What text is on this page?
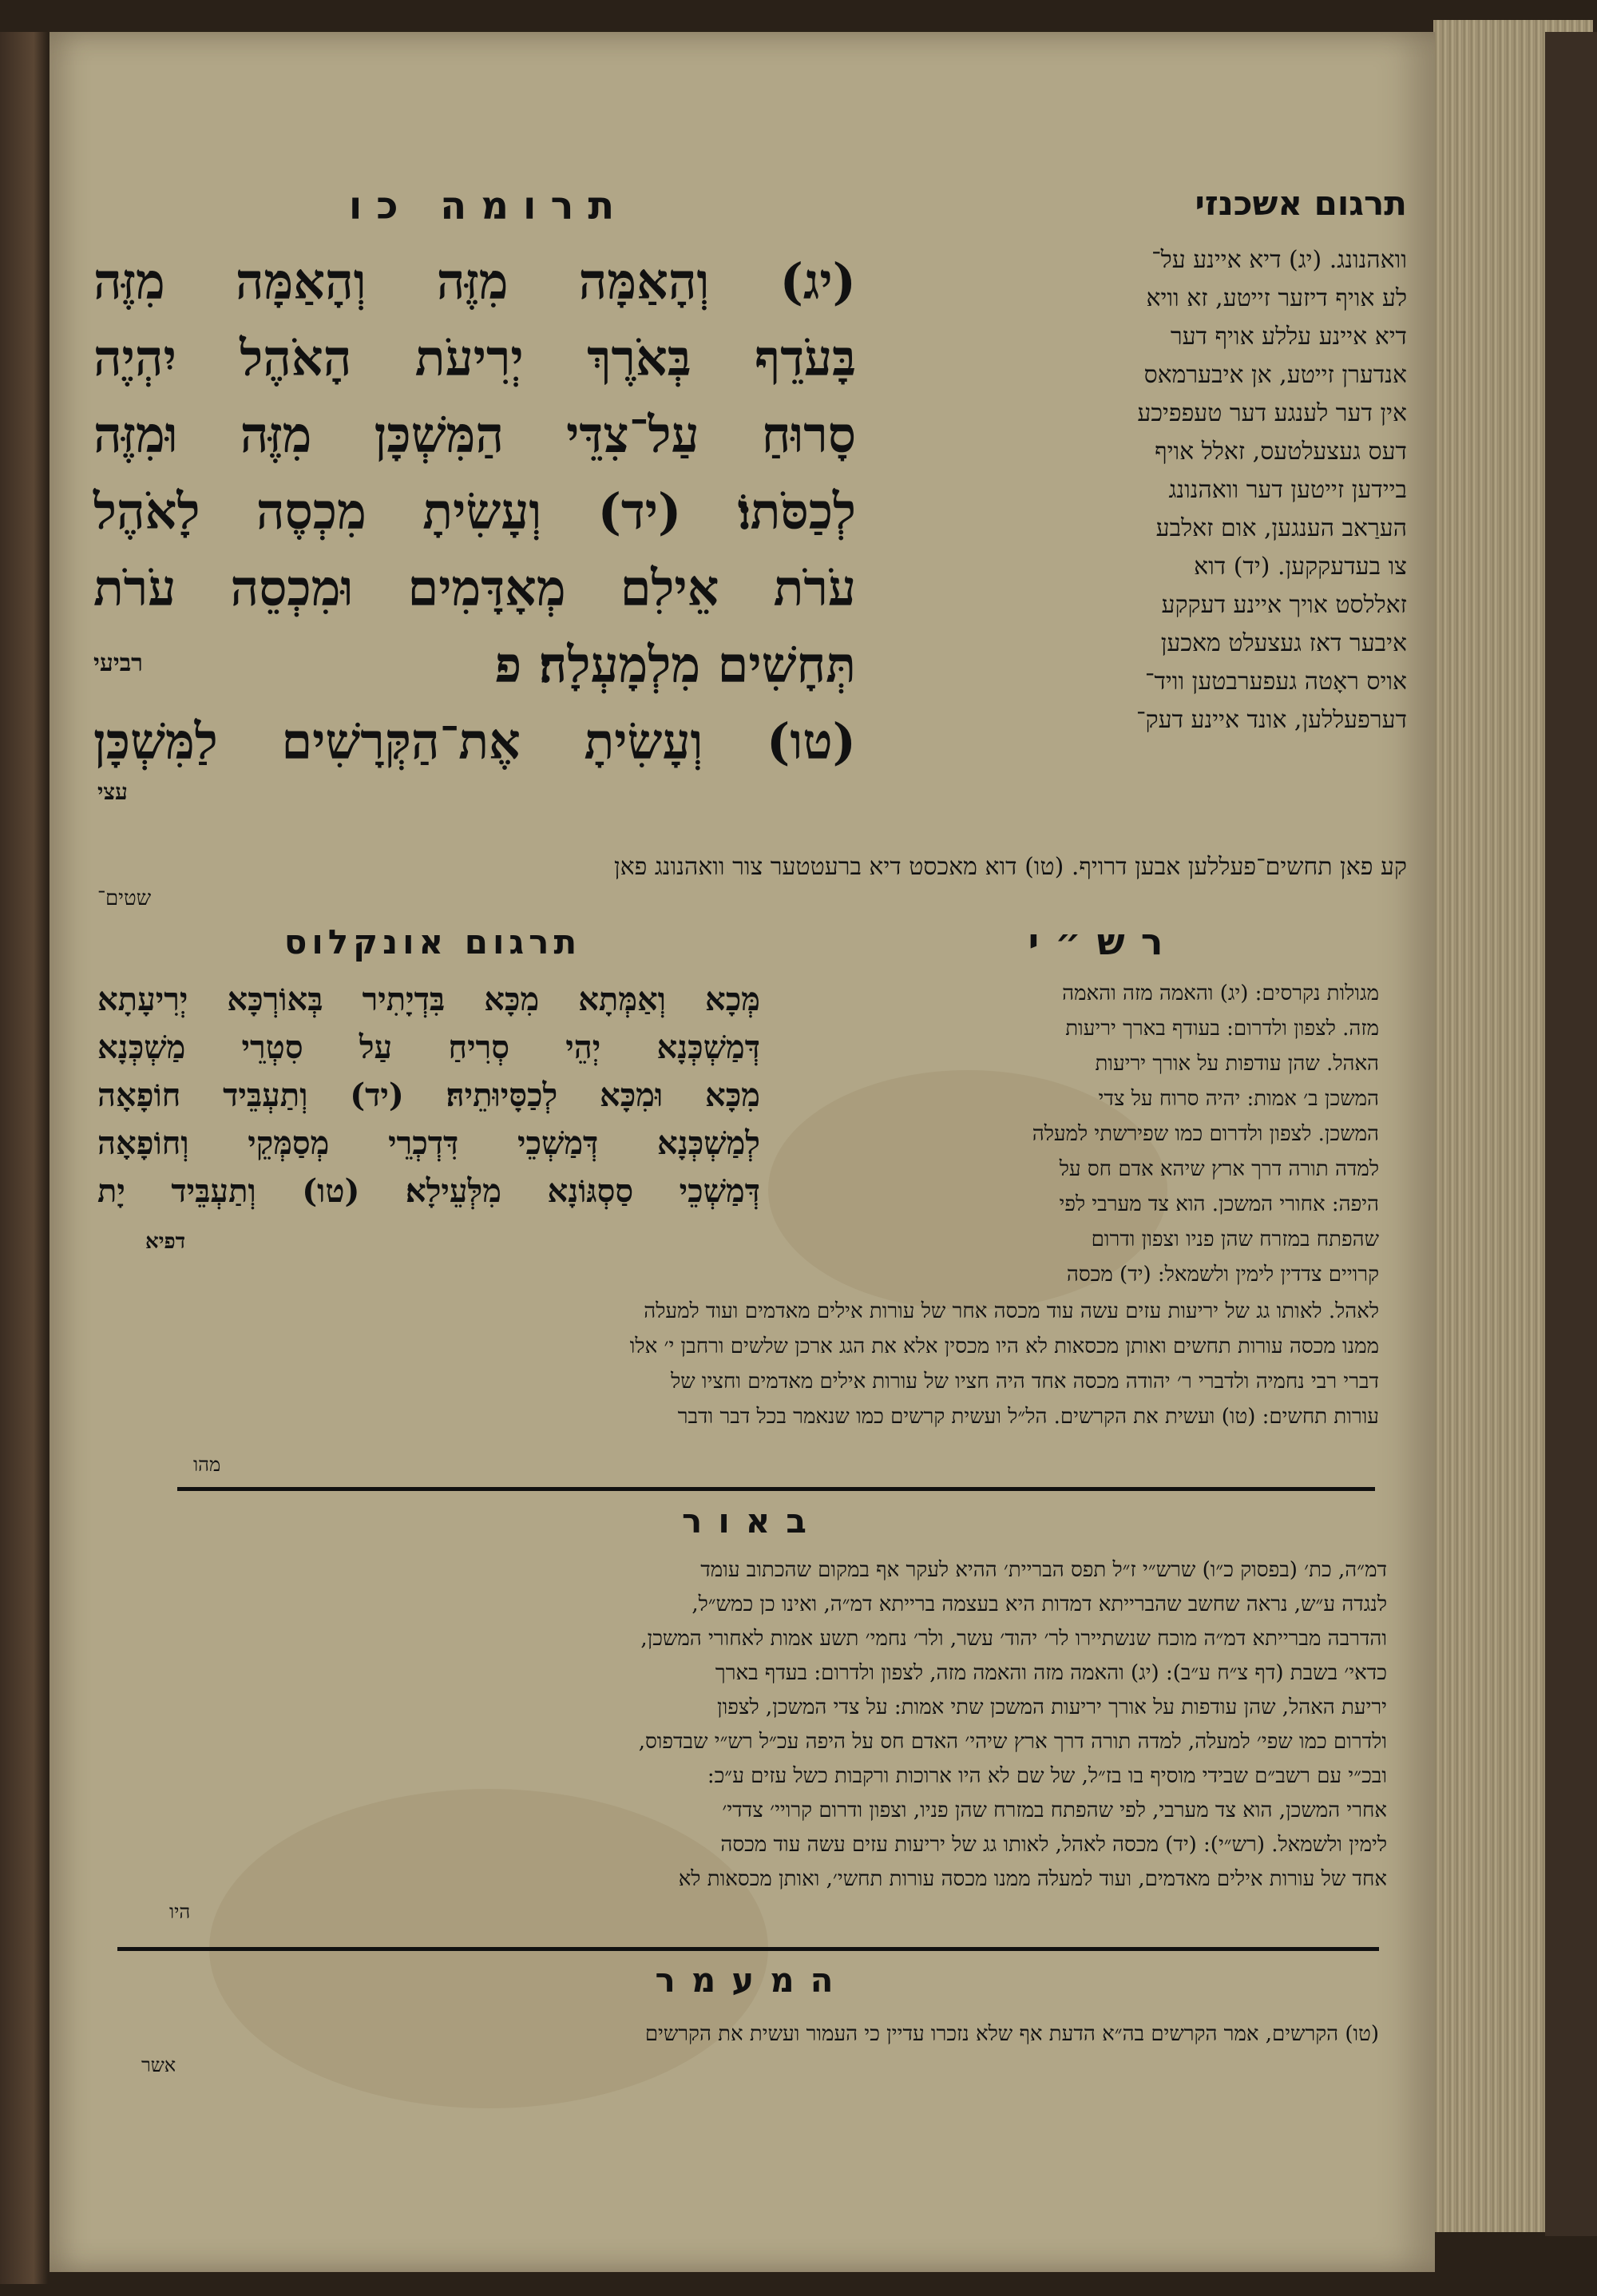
תרומה כו	תרגום אשכנזי
(יג) וְהָאַמָּה מִזֶּה וְהָאַמָּה מִזֶּה
בָּעֹדֵף בְּאֹרֶךְ יְרִיעֹת הָאֹהֶל יִהְיֶה
סָרוּחַ עַל־צִדֵּי הַמִּשְׁכָּן מִזֶּה וּמִזֶּה
לְכַסֹּתוֹ׃ (יד) וְעָשִׂיתָ מִכְסֶה לָאֹהֶל
עֹרֹת אֵילִם מְאָדָּמִים וּמִכְסֵה עֹרֹת
תְּחָשִׁים מִלְמָעְלָה׃ פ
רביעי
(טו) וְעָשִׂיתָ אֶת־הַקְּרָשִׁים לַמִּשְׁכָּן
עצי
וואהנונג. (יג) דיא איינע על־
לע אויף דיזער זייטע, זא וויא
דיא איינע עללע אויף דער
אנדערן זייטע, אן איבערמאס
אין דער לענגע דער טעפפיכע
דעס געצעלטעס, זאלל אויף
ביידען זייטען דער וואהנונג
הערַאב הענגען, אום זאלבע
צו בעדעקקען. (יד) דוא
זאללסט אויך איינע דעקקע
איבער דאז געצעלט מאכען
אויס ראָטה געפערבטען וויד־
דערפעללען, אונד איינע דעק־
קע פאן תחשים־פעללען אבען דרויף. (טו) דוא מאכסט דיא ברעטטער צור וואהנונג פאן
שטים־
תרגום אונקלוס	רש״י
מְּכָא וְאַמְּתָא מִכָּא בִּדְיָתִיר בְּאוֹרְכָּא יְרִיעָתָא
דְּמַשְׁכְּנָא יְהֵי סְרִיחַ עַל סִטְרֵי מַשְׁכְּנָא
מִכָּא וּמִכָּא לְכַסָּיוּתֵיהּ׃ (יד) וְתַעְבֵּיד חוֹפָאָה
לְמַשְׁכְּנָא דְּמַשְׁכֵי דִּדְכְרֵי מְסַמְּקֵי וְחוֹפָאָה
דְּמַשְׁכֵי סַסְגּוֹנָא מִלְּעֵילָא׃ (טו) וְתַעְבֵּיד יָת
דפיא
מגולות נקרסים: (יג) והאמה מזה והאמה
מזה. לצפון ולדרום: בעודף בארך יריעות
האהל. שהן עודפות על אורך יריעות
המשכן ב׳ אמות: יהיה סרוח על צדי
המשכן. לצפון ולדרום כמו שפירשתי למעלה
למדה תורה דרך ארץ שיהא אדם חס על
היפה: אחורי המשכן. הוא צד מערבי לפי
שהפתח במזרח שהן פניו וצפון ודרום
קרויים צדדין לימין ולשמאל: (יד) מכסה
לאהל. לאותו גג של יריעות עזים עשה עוד מכסה אחר של עורות אילים מאדמים ועוד למעלה
ממנו מכסה עורות תחשים ואותן מכסאות לא היו מכסין אלא את הגג ארכן שלשים ורחבן י׳ אלו
דברי רבי נחמיה ולדברי ר׳ יהודה מכסה אחד היה חציו של עורות אילים מאדמים וחציו של
עורות תחשים: (טו) ועשית את הקרשים. הל״ל ועשית קרשים כמו שנאמר בכל דבר ודבר
מהו
באור
דמ״ה, כת׳ (בפסוק כ״ו) שרש״י ז״ל תפס הבריית׳ ההיא לעקר אף במקום שהכתוב עומד
לנגדה ע״ש, נראה שחשב שהברייתא דמדות היא בעצמה ברייתא דמ״ה, ואינו כן כמש״ל,
והדרבה מברייתא דמ״ה מוכח שנשתיירו לר׳ יהוד׳ עשר, ולר׳ נחמי׳ תשע אמות לאחורי המשכן,
כדאי׳ בשבת (דף צ״ח ע״ב): (יג) והאמה מזה והאמה מזה, לצפון ולדרום: בעדף בארך
יריעת האהל, שהן עודפות על אורך יריעות המשכן שתי אמות: על צדי המשכן, לצפון
ולדרום כמו שפי׳ למעלה, למדה תורה דרך ארץ שיהי׳ האדם חס על היפה עכ״ל רש״י שבדפוס,
ובכ״י עם רשב״ם שבידי מוסיף בו בז״ל, של שם לא היו ארוכות ורקבות כשל עזים ע״כ:
אחרי המשכן, הוא צד מערבי, לפי שהפתח במזרח שהן פניו, וצפון ודרום קרויי׳ צדדי׳
לימין ולשמאל. (רש״י): (יד) מכסה לאהל, לאותו גג של יריעות עזים עשה עוד מכסה
אחד של עורות אילים מאדמים, ועוד למעלה ממנו מכסה עורות תחשי׳, ואותן מכסאות לא
היו
המעמר
(טו) הקרשים, אמר הקרשים בה״א הדעת אף שלא נזכרו עדיין כי העמור ועשית את הקרשים
אשר
